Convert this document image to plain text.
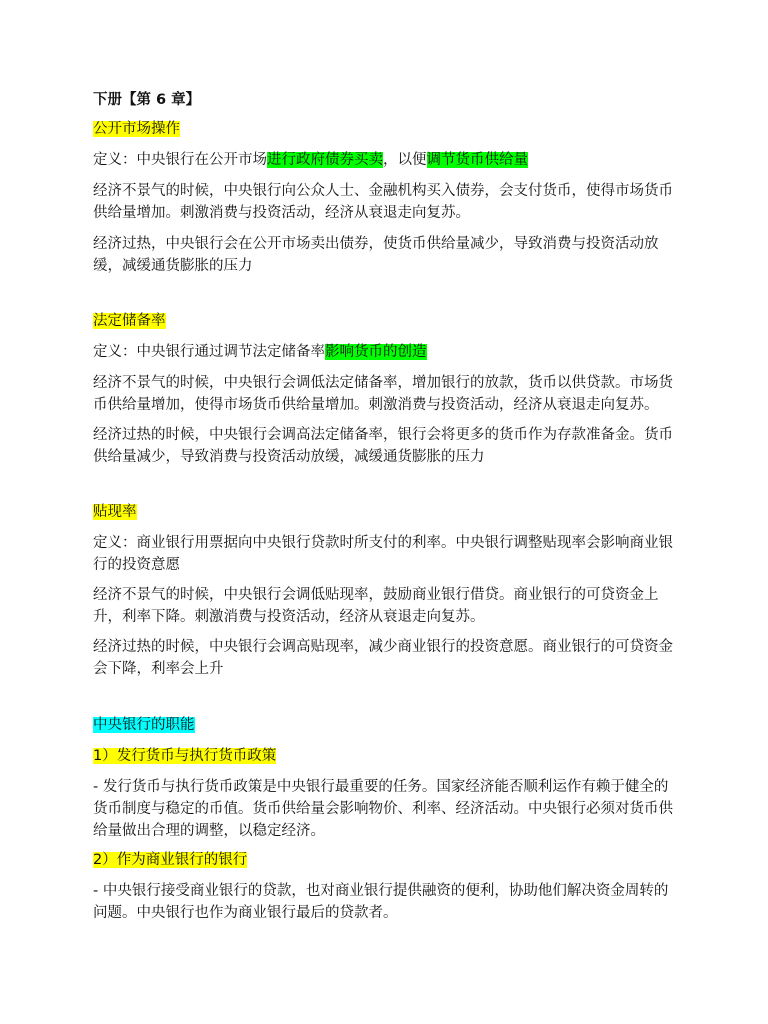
下册【第 6 章】

公开市场操作

定义：中央银行在公开市场进行政府债券买卖，以便调节货币供给量

经济不景气的时候，中央银行向公众人士、金融机构买入债券，会支付货币，使得市场货币供给量增加。刺激消费与投资活动，经济从衰退走向复苏。

经济过热，中央银行会在公开市场卖出债券，使货币供给量减少，导致消费与投资活动放缓，减缓通货膨胀的压力

法定储备率

定义：中央银行通过调节法定储备率影响货币的创造

经济不景气的时候，中央银行会调低法定储备率，增加银行的放款，货币以供贷款。市场货币供给量增加，使得市场货币供给量增加。刺激消费与投资活动，经济从衰退走向复苏。

经济过热的时候，中央银行会调高法定储备率，银行会将更多的货币作为存款准备金。货币供给量减少，导致消费与投资活动放缓，减缓通货膨胀的压力

贴现率

定义：商业银行用票据向中央银行贷款时所支付的利率。中央银行调整贴现率会影响商业银行的投资意愿

经济不景气的时候，中央银行会调低贴现率，鼓励商业银行借贷。商业银行的可贷资金上升，利率下降。刺激消费与投资活动，经济从衰退走向复苏。

经济过热的时候，中央银行会调高贴现率，减少商业银行的投资意愿。商业银行的可贷资金会下降，利率会上升

中央银行的职能

1）发行货币与执行货币政策

- 发行货币与执行货币政策是中央银行最重要的任务。国家经济能否顺利运作有赖于健全的货币制度与稳定的币值。货币供给量会影响物价、利率、经济活动。中央银行必须对货币供给量做出合理的调整，以稳定经济。

2）作为商业银行的银行

- 中央银行接受商业银行的贷款，也对商业银行提供融资的便利，协助他们解决资金周转的问题。中央银行也作为商业银行最后的贷款者。
